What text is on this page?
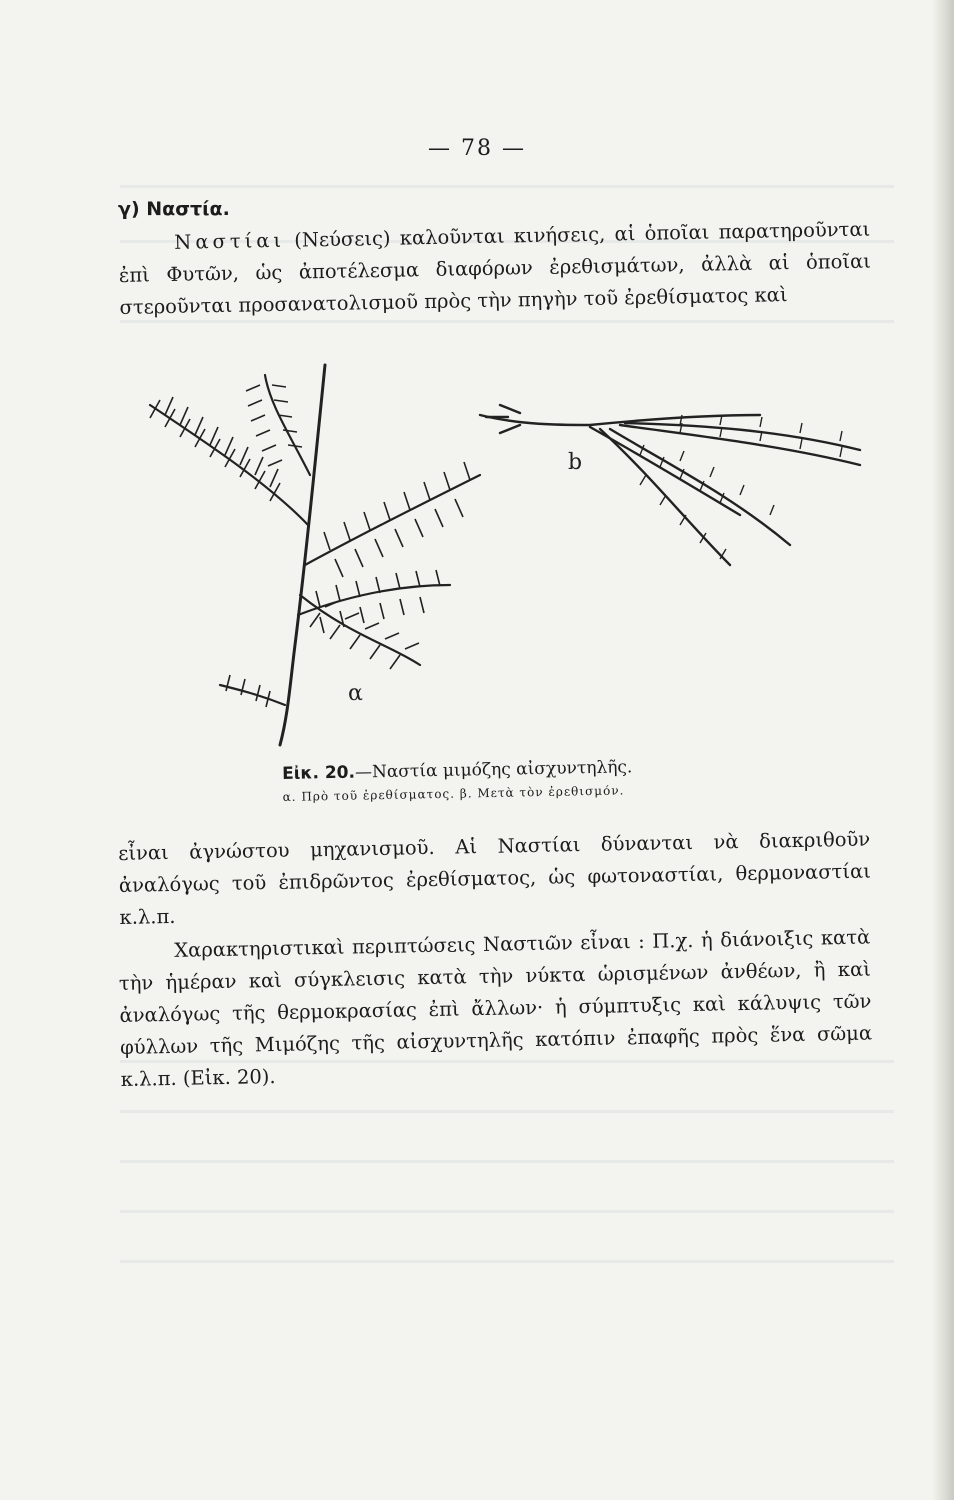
— 78 —
γ) Ναστία.

Ναστίαι (Νεύσεις) καλοῦνται κινήσεις, αἱ ὁποῖαι παρατηροῦνται ἐπὶ Φυτῶν, ὡς ἀποτέλεσμα διαφόρων ἐρεθισμάτων, ἀλλὰ αἱ ὁποῖαι στεροῦνται προσανατολισμοῦ πρὸς τὴν πηγὴν τοῦ ἐρεθίσματος καὶ

b
α
Εἰκ. 20.—Ναστία μιμόζης αἰσχυντηλῆς.
α. Πρὸ τοῦ ἐρεθίσματος. β. Μετὰ τὸν ἐρεθισμόν.

εἶναι ἀγνώστου μηχανισμοῦ. Αἱ Ναστίαι δύνανται νὰ διακριθοῦν ἀναλόγως τοῦ ἐπιδρῶντος ἐρεθίσματος, ὡς φωτοναστίαι, θερμοναστίαι κ.λ.π.

Χαρακτηριστικαὶ περιπτώσεις Ναστιῶν εἶναι : Π.χ. ἡ διάνοιξις κατὰ τὴν ἡμέραν καὶ σύγκλεισις κατὰ τὴν νύκτα ὡρισμένων ἀνθέων, ἢ καὶ ἀναλόγως τῆς θερμοκρασίας ἐπὶ ἄλλων· ἡ σύμπτυξις καὶ κάλυψις τῶν φύλλων τῆς Μιμόζης τῆς αἰσχυντηλῆς κατόπιν ἐπαφῆς πρὸς ἕνα σῶμα κ.λ.π. (Εἰκ. 20).
